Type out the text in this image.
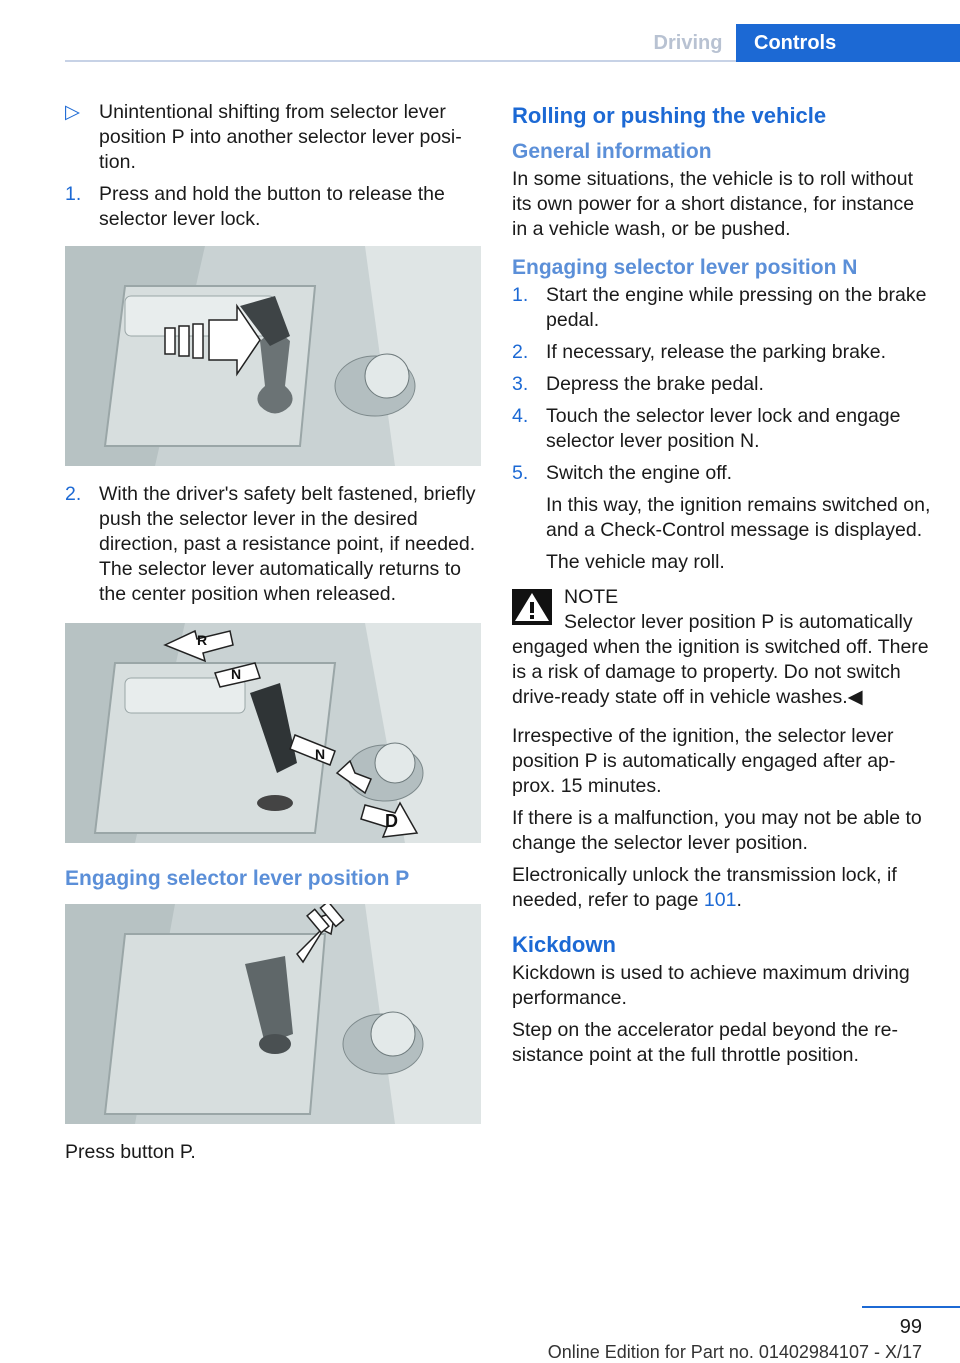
Driving	Controls
▷ Unintentional shifting from selector lever position P into another selector lever position.
1. Press and hold the button to release the selector lever lock.
2. With the driver's safety belt fastened, briefly push the selector lever in the desired direction, past a resistance point, if needed. The selector lever automatically returns to the center position when released.
R
N
N
D
Engaging selector lever position P
Press button P.
Rolling or pushing the vehicle
General information
In some situations, the vehicle is to roll without its own power for a short distance, for instance in a vehicle wash, or be pushed.
Engaging selector lever position N
1. Start the engine while pressing on the brake pedal.
2. If necessary, release the parking brake.
3. Depress the brake pedal.
4. Touch the selector lever lock and engage selector lever position N.
5. Switch the engine off.
In this way, the ignition remains switched on, and a Check-Control message is displayed.
The vehicle may roll.
NOTE
Selector lever position P is automatically engaged when the ignition is switched off. There is a risk of damage to property. Do not switch drive-ready state off in vehicle washes.◀
Irrespective of the ignition, the selector lever position P is automatically engaged after approx. 15 minutes.
If there is a malfunction, you may not be able to change the selector lever position.
Electronically unlock the transmission lock, if needed, refer to page 101.
Kickdown
Kickdown is used to achieve maximum driving performance.
Step on the accelerator pedal beyond the resistance point at the full throttle position.
99
Online Edition for Part no. 01402984107 - X/17
